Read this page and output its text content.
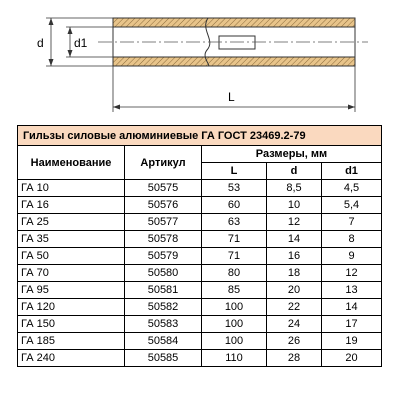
d	d1
L
Гильзы силовые алюминиевые ГА ГОСТ 23469.2-79				
Наименование	Артикул	Размеры, мм		
		L	d	d1
ГА 10	50575	53	8,5	4,5
ГА 16	50576	60	10	5,4
ГА 25	50577	63	12	7
ГА 35	50578	71	14	8
ГА 50	50579	71	16	9
ГА 70	50580	80	18	12
ГА 95	50581	85	20	13
ГА 120	50582	100	22	14
ГА 150	50583	100	24	17
ГА 185	50584	100	26	19
ГА 240	50585	110	28	20
